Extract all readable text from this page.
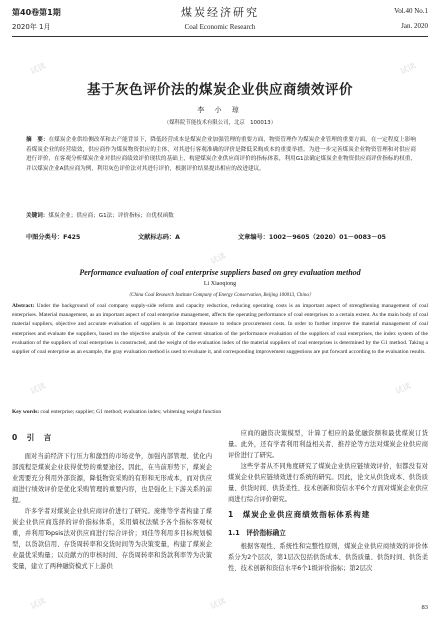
第40卷第1期
2020年 1月
煤炭经济研究
Coal Economic Research
Vol.40 No.1
Jan. 2020
基于灰色评价法的煤炭企业供应商绩效评价
李 小 琼
（煤科院节能技术有限公司，北京　100013）
摘　要：在煤炭企业供给侧改革和去产能背景下，降低经营成本是煤炭企业加强管理的重要方面，物资管理作为煤炭企业管理的重要方面，在一定程度上影响着煤炭企业的经营绩效，供应商作为煤炭物资供应的主体，对其进行客观准确的评价是降低采购成本的重要举措。为进一步完善煤炭企业物资管理和对供应商进行评价，在客观分析煤炭企业对供应商绩效评价现状的基础上，构建煤炭企业供应商评价的指标体系，利用G1法确定煤炭企业物资供应商评价指标的权重，并以煤炭企业A供应商为例，利用灰色评价法对其进行评价，根据评价结果提出相应的改进建议。
关键词：煤炭企业；供应商；G1法；评价指标；自优权函数
中图分类号：F425	文献标志码：A	文章编号：1002－9605（2020）01－0083－05
Performance evaluation of coal enterprise suppliers based on grey evaluation method
Li Xiaoqiong
（China Coal Research Institute Company of Energy Conservation, Beijing 100013, China）
Abstract: Under the background of coal company supply-side reform and capacity reduction, reducing operating costs is an important aspect of strengthening management of coal enterprises. Material management, as an important aspect of coal enterprise management, affects the operating performance of coal enterprises to a certain extent. As the main body of coal material suppliers, objective and accurate evaluation of suppliers is an important measure to reduce procurement costs. In order to further improve the material management of coal enterprises and evaluate the suppliers, based on the objective analysis of the current situation of the performance evaluation of the suppliers of coal enterprises, the index system of the evaluation of the suppliers of coal enterprises is constructed, and the weight of the evaluation index of the material suppliers of coal enterprises is determined by the G1 method. Taking a supplier of coal enterprise as an example, the gray evaluation method is used to evaluate it, and corresponding improvement suggestions are put forward according to the evaluation results.
Key words: coal enterprise; supplier; G1 method; evaluation index; whitening weight function
0　引　言

面对当前经济下行压力和激烈的市场竞争，加强内部管理、优化内部流程是煤炭企业获得优势的重要途径。因此，在当前形势下，煤炭企业需要充分利用外部资源，降低物资采购的有形和无形成本，而对供应商进行绩效评价是优化采购管理的重要内容，也是强化上下游关系的前提。

许多学者对煤炭企业供应商评价进行了研究。庞维等学者构建了煤炭企业供应商选择的评价指标体系，采用熵权法赋予各个指标客观权重，并利用Topsis法对供应商进行综合评价；刘佳等利用多目标规划模型，以货款信用、存货周转率和交货时间等为决策变量，构建了煤炭企业最优采购量；以贡献方的审核时间、存货周转率和货款利率等为决策变量，建立了两种融资模式下上游供

应商的融资决策模型，计算了相应的最优融资额和最优煤炭订货量。此外，还有学者利用利益相关者、推荐论等方法对煤炭企业供应商评价进行了研究。

这些学者从不同角度研究了煤炭企业供应链绩效评价，但都没有对煤炭企业供应链绩效进行系统的研究。因此，论文从供货成本、供货质量、供货时间、供货柔性、技术创新和资信水平6个方面对煤炭企业供应商进行综合评价研究。

1　煤炭企业供应商绩效指标体系构建
1.1　评价指标确立

根据客观性、系统性和完整性原则，煤炭企业供应商绩效的评价体系分为2个层次，第1层次包括供货成本、供货质量、供货时间、供货柔性、技术创新和资信水平6个1级评价指标；第2层次

83
试读	试读
试读
试读	试读
试读	试读
